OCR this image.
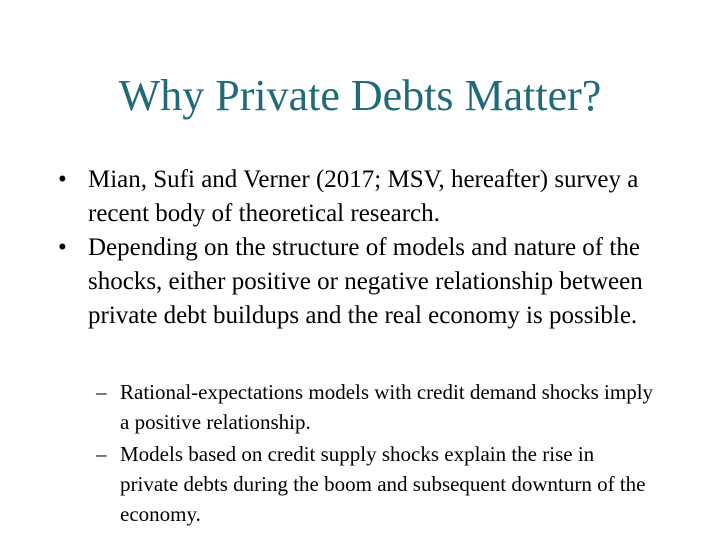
Why Private Debts Matter?
• Mian, Sufi and Verner (2017; MSV, hereafter) survey a recent body of theoretical research.
• Depending on the structure of models and nature of the shocks, either positive or negative relationship between private debt buildups and the real economy is possible.
– Rational-expectations models with credit demand shocks imply a positive relationship.
– Models based on credit supply shocks explain the rise in private debts during the boom and subsequent downturn of the economy.
